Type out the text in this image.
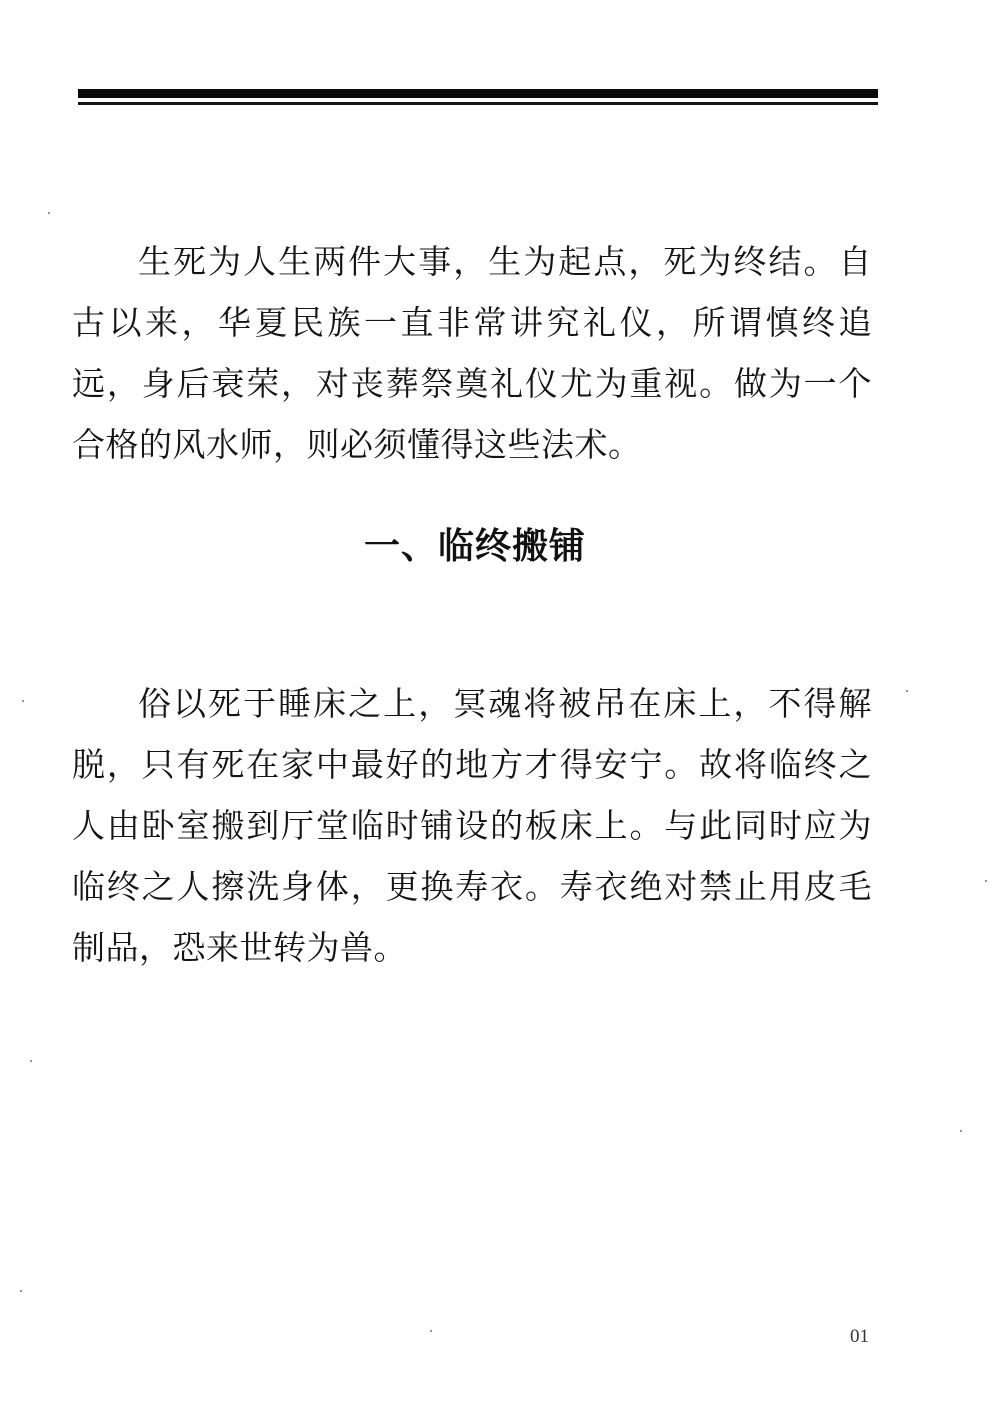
生死为人生两件大事，生为起点，死为终结。自古以来，华夏民族一直非常讲究礼仪，所谓慎终追远，身后衰荣，对丧葬祭奠礼仪尤为重视。做为一个合格的风水师，则必须懂得这些法术。

一、临终搬铺

俗以死于睡床之上，冥魂将被吊在床上，不得解脱，只有死在家中最好的地方才得安宁。故将临终之人由卧室搬到厅堂临时铺设的板床上。与此同时应为临终之人擦洗身体，更换寿衣。寿衣绝对禁止用皮毛制品，恐来世转为兽。

01
